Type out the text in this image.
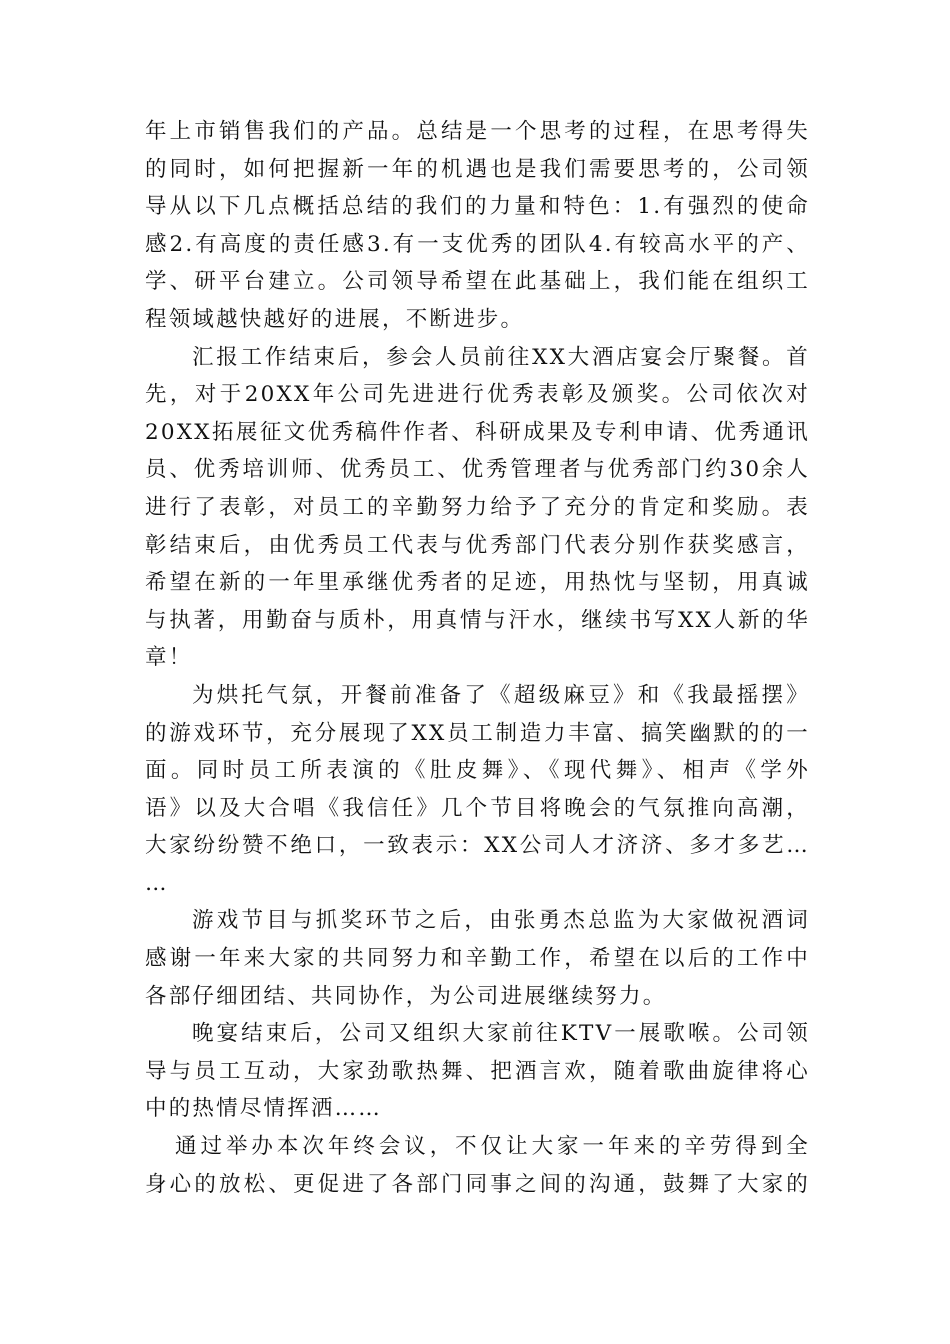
年上市销售我们的产品。总结是一个思考的过程，在思考得失
的同时，如何把握新一年的机遇也是我们需要思考的，公司领
导从以下几点概括总结的我们的力量和特色：1.有强烈的使命
感2.有高度的责任感3.有一支优秀的团队4.有较高水平的产、
学、研平台建立。公司领导希望在此基础上，我们能在组织工
程领域越快越好的进展，不断进步。
汇报工作结束后，参会人员前往XX大酒店宴会厅聚餐。首
先，对于20XX年公司先进进行优秀表彰及颁奖。公司依次对
20XX拓展征文优秀稿件作者、科研成果及专利申请、优秀通讯
员、优秀培训师、优秀员工、优秀管理者与优秀部门约30余人
进行了表彰，对员工的辛勤努力给予了充分的肯定和奖励。表
彰结束后，由优秀员工代表与优秀部门代表分别作获奖感言，
希望在新的一年里承继优秀者的足迹，用热忱与坚韧，用真诚
与执著，用勤奋与质朴，用真情与汗水，继续书写XX人新的华
章！
为烘托气氛，开餐前准备了《超级麻豆》和《我最摇摆》
的游戏环节，充分展现了XX员工制造力丰富、搞笑幽默的的一
面。同时员工所表演的《肚皮舞》、《现代舞》、相声《学外
语》以及大合唱《我信任》几个节目将晚会的气氛推向高潮，
大家纷纷赞不绝口，一致表示：XX公司人才济济、多才多艺…
…
游戏节目与抓奖环节之后，由张勇杰总监为大家做祝酒词
感谢一年来大家的共同努力和辛勤工作，希望在以后的工作中
各部仔细团结、共同协作，为公司进展继续努力。
晚宴结束后，公司又组织大家前往KTV一展歌喉。公司领
导与员工互动，大家劲歌热舞、把酒言欢，随着歌曲旋律将心
中的热情尽情挥洒……
通过举办本次年终会议，不仅让大家一年来的辛劳得到全
身心的放松、更促进了各部门同事之间的沟通，鼓舞了大家的
